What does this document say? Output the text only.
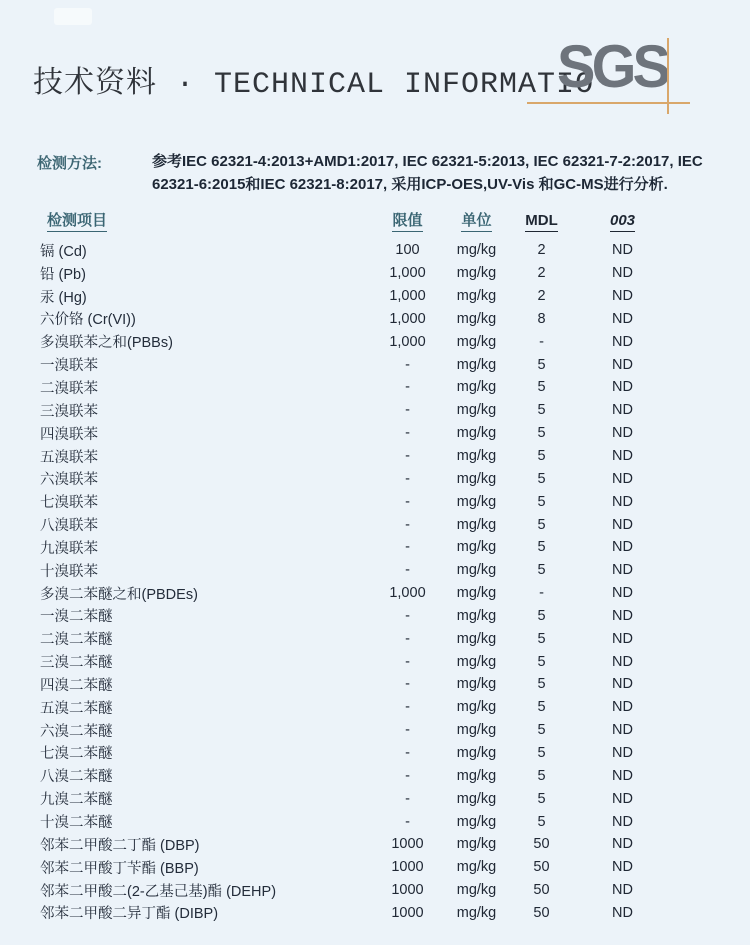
技术资料 · TECHNICAL INFORMATIO
SGS
检测方法:	参考IEC 62321-4:2013+AMD1:2017, IEC 62321-5:2013, IEC 62321-7-2:2017, IEC 62321-6:2015和IEC 62321-8:2017, 采用ICP-OES,UV-Vis 和GC-MS进行分析.
检测项目	限值	单位	MDL	003
镉 (Cd)	100	mg/kg	2	ND
铅 (Pb)	1,000	mg/kg	2	ND
汞 (Hg)	1,000	mg/kg	2	ND
六价铬 (Cr(VI))	1,000	mg/kg	8	ND
多溴联苯之和(PBBs)	1,000	mg/kg	-	ND
一溴联苯	-	mg/kg	5	ND
二溴联苯	-	mg/kg	5	ND
三溴联苯	-	mg/kg	5	ND
四溴联苯	-	mg/kg	5	ND
五溴联苯	-	mg/kg	5	ND
六溴联苯	-	mg/kg	5	ND
七溴联苯	-	mg/kg	5	ND
八溴联苯	-	mg/kg	5	ND
九溴联苯	-	mg/kg	5	ND
十溴联苯	-	mg/kg	5	ND
多溴二苯醚之和(PBDEs)	1,000	mg/kg	-	ND
一溴二苯醚	-	mg/kg	5	ND
二溴二苯醚	-	mg/kg	5	ND
三溴二苯醚	-	mg/kg	5	ND
四溴二苯醚	-	mg/kg	5	ND
五溴二苯醚	-	mg/kg	5	ND
六溴二苯醚	-	mg/kg	5	ND
七溴二苯醚	-	mg/kg	5	ND
八溴二苯醚	-	mg/kg	5	ND
九溴二苯醚	-	mg/kg	5	ND
十溴二苯醚	-	mg/kg	5	ND
邻苯二甲酸二丁酯 (DBP)	1000	mg/kg	50	ND
邻苯二甲酸丁苄酯 (BBP)	1000	mg/kg	50	ND
邻苯二甲酸二(2-乙基己基)酯 (DEHP)	1000	mg/kg	50	ND
邻苯二甲酸二异丁酯 (DIBP)	1000	mg/kg	50	ND
